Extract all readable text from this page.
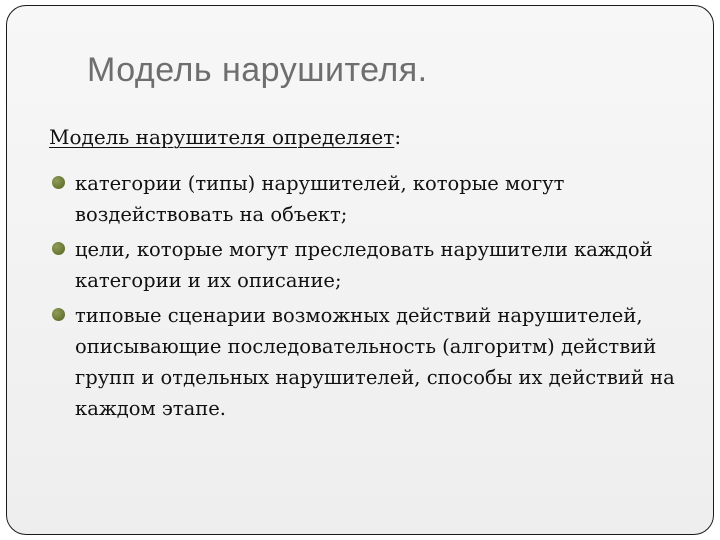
Модель нарушителя.
Модель нарушителя определяет:
категории (типы) нарушителей, которые могут воздействовать на объект;
цели, которые могут преследовать нарушители каждой категории и их описание;
типовые сценарии возможных действий нарушителей, описывающие последовательность (алгоритм) действий групп и отдельных нарушителей, способы их действий на каждом этапе.
